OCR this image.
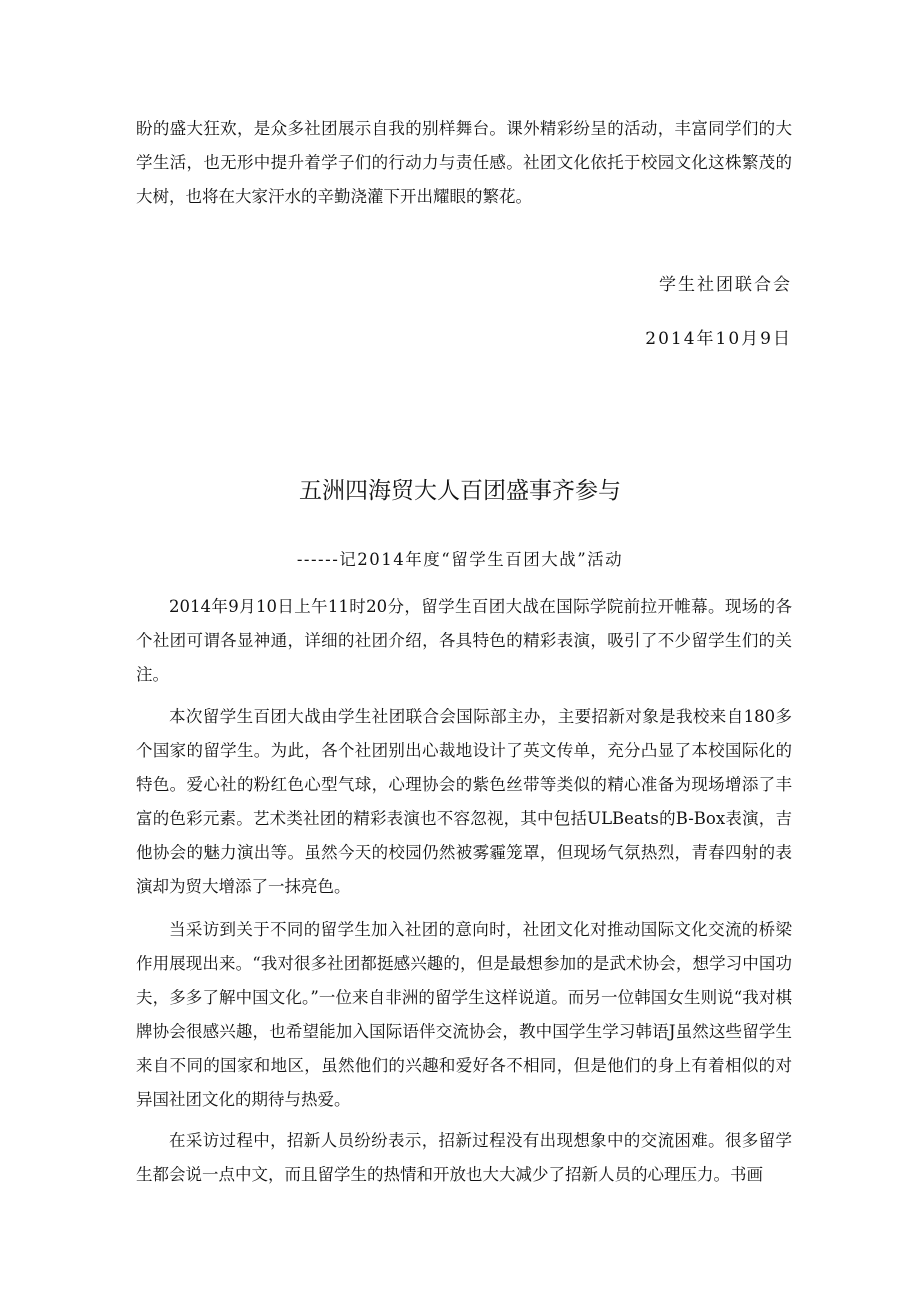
盼的盛大狂欢，是众多社团展示自我的别样舞台。课外精彩纷呈的活动，丰富同学们的大学生活，也无形中提升着学子们的行动力与责任感。社团文化依托于校园文化这株繁茂的大树，也将在大家汗水的辛勤浇灌下开出耀眼的繁花。

学生社团联合会

2014年10月9日

五洲四海贸大人百团盛事齐参与

------记2014年度“留学生百团大战”活动

2014年9月10日上午11时20分，留学生百团大战在国际学院前拉开帷幕。现场的各个社团可谓各显神通，详细的社团介绍，各具特色的精彩表演，吸引了不少留学生们的关注。

本次留学生百团大战由学生社团联合会国际部主办，主要招新对象是我校来自180多个国家的留学生。为此，各个社团别出心裁地设计了英文传单，充分凸显了本校国际化的特色。爱心社的粉红色心型气球，心理协会的紫色丝带等类似的精心准备为现场增添了丰富的色彩元素。艺术类社团的精彩表演也不容忽视，其中包括ULBeats的B-Box表演，吉他协会的魅力演出等。虽然今天的校园仍然被雾霾笼罩，但现场气氛热烈，青春四射的表演却为贸大增添了一抹亮色。

当采访到关于不同的留学生加入社团的意向时，社团文化对推动国际文化交流的桥梁作用展现出来。“我对很多社团都挺感兴趣的，但是最想参加的是武术协会，想学习中国功夫，多多了解中国文化。”一位来自非洲的留学生这样说道。而另一位韩国女生则说“我对棋牌协会很感兴趣，也希望能加入国际语伴交流协会，教中国学生学习韩语J虽然这些留学生来自不同的国家和地区，虽然他们的兴趣和爱好各不相同，但是他们的身上有着相似的对异国社团文化的期待与热爱。

在采访过程中，招新人员纷纷表示，招新过程没有出现想象中的交流困难。很多留学生都会说一点中文，而且留学生的热情和开放也大大减少了招新人员的心理压力。书画
